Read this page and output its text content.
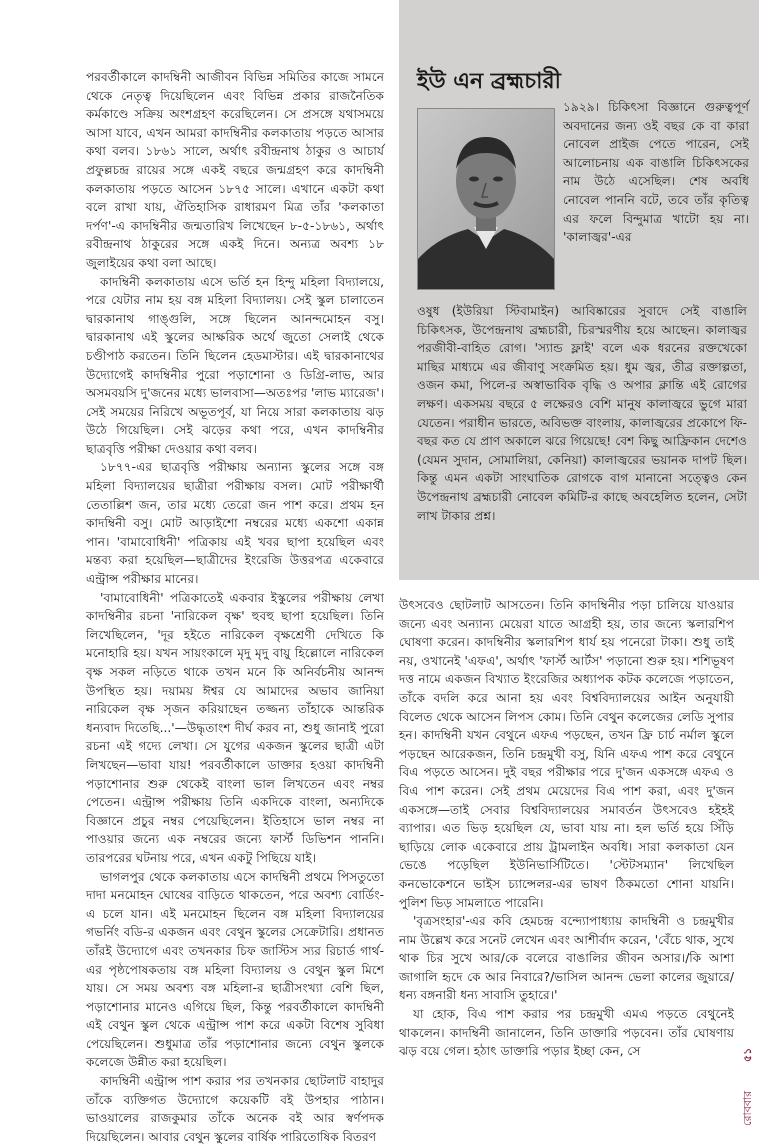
ইউ এন ব্রহ্মচারী

১৯২৯। চিকিৎসা বিজ্ঞানে গুরুত্বপূর্ণ অবদানের জন্য ওই বছর কে বা কারা নোবেল প্রাইজ পেতে পারেন, সেই আলোচনায় এক বাঙালি চিকিৎসকের নাম উঠে এসেছিল। শেষ অবধি নোবেল পাননি বটে, তবে তাঁর কৃতিত্ব এর ফলে বিন্দুমাত্র খাটো হয় না। 'কালাজ্বর'-এর

ওষুধ (ইউরিয়া স্টিবামাইন) আবিষ্কারের সুবাদে সেই বাঙালি চিকিৎসক, উপেন্দ্রনাথ ব্রহ্মচারী, চিরস্মরণীয় হয়ে আছেন। কালাজ্বর পরজীবী-বাহিত রোগ। 'স্যান্ড ফ্লাই' বলে এক ধরনের রক্তখেকো মাছির মাধ্যমে এর জীবাণু সংক্রমিত হয়। ধুম জ্বর, তীব্র রক্তাল্পতা, ওজন কমা, পিলে-র অস্বাভাবিক বৃদ্ধি ও অপার ক্লান্তি এই রোগের লক্ষণ। একসময় বছরে ৫ লক্ষেরও বেশি মানুষ কালাজ্বরে ভুগে মারা যেতেন। পরাধীন ভারতে, অবিভক্ত বাংলায়, কালাজ্বরের প্রকোপে ফি-বছর কত যে প্রাণ অকালে ঝরে গিয়েছে! বেশ কিছু আফ্রিকান দেশেও (যেমন সুদান, সোমালিয়া, কেনিয়া) কালাজ্বরের ভয়ানক দাপট ছিল। কিন্তু এমন একটা সাংঘাতিক রোগকে বাগ মানানো সত্ত্বেও কেন উপেন্দ্রনাথ ব্রহ্মচারী নোবেল কমিটি-র কাছে অবহেলিত হলেন, সেটা লাখ টাকার প্রশ্ন।

পরবর্তীকালে কাদম্বিনী আজীবন বিভিন্ন সমিতির কাজে সামনে থেকে নেতৃত্ব দিয়েছিলেন এবং বিভিন্ন প্রকার রাজনৈতিক কর্মকাণ্ডে সক্রিয় অংশগ্রহণ করেছিলেন। সে প্রসঙ্গে যথাসময়ে আসা যাবে, এখন আমরা কাদম্বিনীর কলকাতায় পড়তে আসার কথা বলব। ১৮৬১ সালে, অর্থাৎ রবীন্দ্রনাথ ঠাকুর ও আচার্য প্রফুল্লচন্দ্র রায়ের সঙ্গে একই বছরে জন্মগ্রহণ করে কাদম্বিনী কলকাতায় পড়তে আসেন ১৮৭৫ সালে। এখানে একটা কথা বলে রাখা যায়, ঐতিহাসিক রাধারমণ মিত্র তাঁর 'কলকাতা দর্পণ'-এ কাদম্বিনীর জন্মতারিখ লিখেছেন ৮-৫-১৮৬১, অর্থাৎ রবীন্দ্রনাথ ঠাকুরের সঙ্গে একই দিনে। অন্যত্র অবশ্য ১৮ জুলাইয়ের কথা বলা আছে।

কাদম্বিনী কলকাতায় এসে ভর্তি হন হিন্দু মহিলা বিদ্যালয়ে, পরে যেটার নাম হয় বঙ্গ মহিলা বিদ্যালয়। সেই স্কুল চালাতেন দ্বারকানাথ গাঙ্গুলি, সঙ্গে ছিলেন আনন্দমোহন বসু। দ্বারকানাথ এই স্কুলের আক্ষরিক অর্থে জুতো সেলাই থেকে চণ্ডীপাঠ করতেন। তিনি ছিলেন হেডমাস্টার। এই দ্বারকানাথের উদ্যোগেই কাদম্বিনীর পুরো পড়াশোনা ও ডিগ্রি-লাভ, আর অসমবয়সি দু'জনের মধ্যে ভালবাসা—অতঃপর 'লাভ ম্যারেজ'। সেই সময়ের নিরিখে অভূতপূর্ব, যা নিয়ে সারা কলকাতায় ঝড় উঠে গিয়েছিল। সেই ঝড়ের কথা পরে, এখন কাদম্বিনীর ছাত্রবৃত্তি পরীক্ষা দেওয়ার কথা বলব।

১৮৭৭-এর ছাত্রবৃত্তি পরীক্ষায় অন্যান্য স্কুলের সঙ্গে বঙ্গ মহিলা বিদ্যালয়ের ছাত্রীরা পরীক্ষায় বসল। মোট পরীক্ষার্থী তেতাল্লিশ জন, তার মধ্যে তেরো জন পাশ করে। প্রথম হন কাদম্বিনী বসু। মোট আড়াইশো নম্বরের মধ্যে একশো একান্ন পান। 'বামাবোধিনী' পত্রিকায় এই খবর ছাপা হয়েছিল এবং মন্তব্য করা হয়েছিল—ছাত্রীদের ইংরেজি উত্তরপত্র একেবারে এন্ট্রান্স পরীক্ষার মানের।

'বামাবোধিনী' পত্রিকাতেই একবার ইস্কুলের পরীক্ষায় লেখা কাদম্বিনীর রচনা 'নারিকেল বৃক্ষ' হুবহু ছাপা হয়েছিল। তিনি লিখেছিলেন, 'দূর হইতে নারিকেল বৃক্ষশ্রেণী দেখিতে কি মনোহারি হয়। যখন সায়ংকালে মৃদু মৃদু বায়ু হিল্লোলে নারিকেল বৃক্ষ সকল নড়িতে থাকে তখন মনে কি অনির্বচনীয় আনন্দ উপস্থিত হয়। দয়াময় ঈশ্বর যে আমাদের অভাব জানিয়া নারিকেল বৃক্ষ সৃজন করিয়াছেন তজ্জন্য তাঁহাকে আন্তরিক ধন্যবাদ দিতেছি...'—উদ্ধৃতাংশ দীর্ঘ করব না, শুধু জানাই পুরো রচনা এই গদ্যে লেখা। সে যুগের একজন স্কুলের ছাত্রী এটা লিখছেন—ভাবা যায়! পরবর্তীকালে ডাক্তার হওয়া কাদম্বিনী পড়াশোনার শুরু থেকেই বাংলা ভাল লিখতেন এবং নম্বর পেতেন। এন্ট্রান্স পরীক্ষায় তিনি একদিকে বাংলা, অন্যদিকে বিজ্ঞানে প্রচুর নম্বর পেয়েছিলেন। ইতিহাসে ভাল নম্বর না পাওয়ার জন্যে এক নম্বরের জন্যে ফার্স্ট ডিভিশন পাননি। তারপরের ঘটনায় পরে, এখন একটু পিছিয়ে যাই।

ভাগলপুর থেকে কলকাতায় এসে কাদম্বিনী প্রথমে পিসতুতো দাদা মনমোহন ঘোষের বাড়িতে থাকতেন, পরে অবশ্য বোর্ডিং-এ চলে যান। এই মনমোহন ছিলেন বঙ্গ মহিলা বিদ্যালয়ের গভর্নিং বডি-র একজন এবং বেথুন স্কুলের সেক্রেটারি। প্রধানত তাঁরই উদ্যোগে এবং তখনকার চিফ জাস্টিস স্যর রিচার্ড গার্থ-এর পৃষ্ঠপোষকতায় বঙ্গ মহিলা বিদ্যালয় ও বেথুন স্কুল মিশে যায়। সে সময় অবশ্য বঙ্গ মহিলা-র ছাত্রীসংখ্যা বেশি ছিল, পড়াশোনার মানেও এগিয়ে ছিল, কিন্তু পরবর্তীকালে কাদম্বিনী এই বেথুন স্কুল থেকে এন্ট্রান্স পাশ করে একটা বিশেষ সুবিধা পেয়েছিলেন। শুধুমাত্র তাঁর পড়াশোনার জন্যে বেথুন স্কুলকে কলেজে উন্নীত করা হয়েছিল।

কাদম্বিনী এন্ট্রান্স পাশ করার পর তখনকার ছোটলাট বাহাদুর তাঁকে ব্যক্তিগত উদ্যোগে কয়েকটি বই উপহার পাঠান। ভাওয়ালের রাজকুমার তাঁকে অনেক বই আর স্বর্ণপদক দিয়েছিলেন। আবার বেথুন স্কুলের বার্ষিক পারিতোষিক বিতরণ

উৎসবেও ছোটলাট আসতেন। তিনি কাদম্বিনীর পড়া চালিয়ে যাওয়ার জন্যে এবং অন্যান্য মেয়েরা যাতে আগ্রহী হয়, তার জন্যে স্কলারশিপ ঘোষণা করেন। কাদম্বিনীর স্কলারশিপ ধার্য হয় পনেরো টাকা। শুধু তাই নয়, ওখানেই 'এফএ', অর্থাৎ 'ফার্স্ট আর্টস' পড়ানো শুরু হয়। শশিভূষণ দত্ত নামে একজন বিখ্যাত ইংরেজির অধ্যাপক কটক কলেজে পড়াতেন, তাঁকে বদলি করে আনা হয় এবং বিশ্ববিদ্যালয়ের আইন অনুযায়ী বিলেত থেকে আসেন লিপস কোম। তিনি বেথুন কলেজের লেডি সুপার হন। কাদম্বিনী যখন বেথুনে এফএ পড়ছেন, তখন ফ্রি চার্চ নর্মাল স্কুলে পড়ছেন আরেকজন, তিনি চন্দ্রমুখী বসু, যিনি এফএ পাশ করে বেথুনে বিএ পড়তে আসেন। দুই বছর পরীক্ষার পরে দু'জন একসঙ্গে এফএ ও বিএ পাশ করেন। সেই প্রথম মেয়েদের বিএ পাশ করা, এবং দু'জন একসঙ্গে—তাই সেবার বিশ্ববিদ্যালয়ের সমাবর্তন উৎসবেও হইহই ব্যাপার। এত ভিড় হয়েছিল যে, ভাবা যায় না। হল ভর্তি হয়ে সিঁড়ি ছাড়িয়ে লোক একেবারে প্রায় ট্রামলাইন অবধি। সারা কলকাতা যেন ভেঙে পড়েছিল ইউনিভার্সিটিতে। 'স্টেটসম্যান' লিখেছিল কনভোকেশনে ভাইস চ্যান্সেলর-এর ভাষণ ঠিকমতো শোনা যায়নি। পুলিশ ভিড় সামলাতে পারেনি।

'বৃত্রসংহার'-এর কবি হেমচন্দ্র বন্দ্যোপাধ্যায় কাদম্বিনী ও চন্দ্রমুখীর নাম উল্লেখ করে সনেট লেখেন এবং আশীর্বাদ করেন, 'বেঁচে থাক, সুখে থাক চির সুখে আর/কে বলেরে বাঙালির জীবন অসার।/কি আশা জাগালি হৃদে কে আর নিবারে?/ভাসিল আনন্দ ভেলা কালের জুয়ারে/ধন্য বঙ্গনারী ধন্য সাবাসি তুহারে।'

যা হোক, বিএ পাশ করার পর চন্দ্রমুখী এমএ পড়তে বেথুনেই থাকলেন। কাদম্বিনী জানালেন, তিনি ডাক্তারি পড়বেন। তাঁর ঘোষণায় ঝড় বয়ে গেল। হঠাৎ ডাক্তারি পড়ার ইচ্ছা কেন, সে	৫১
রোববার
